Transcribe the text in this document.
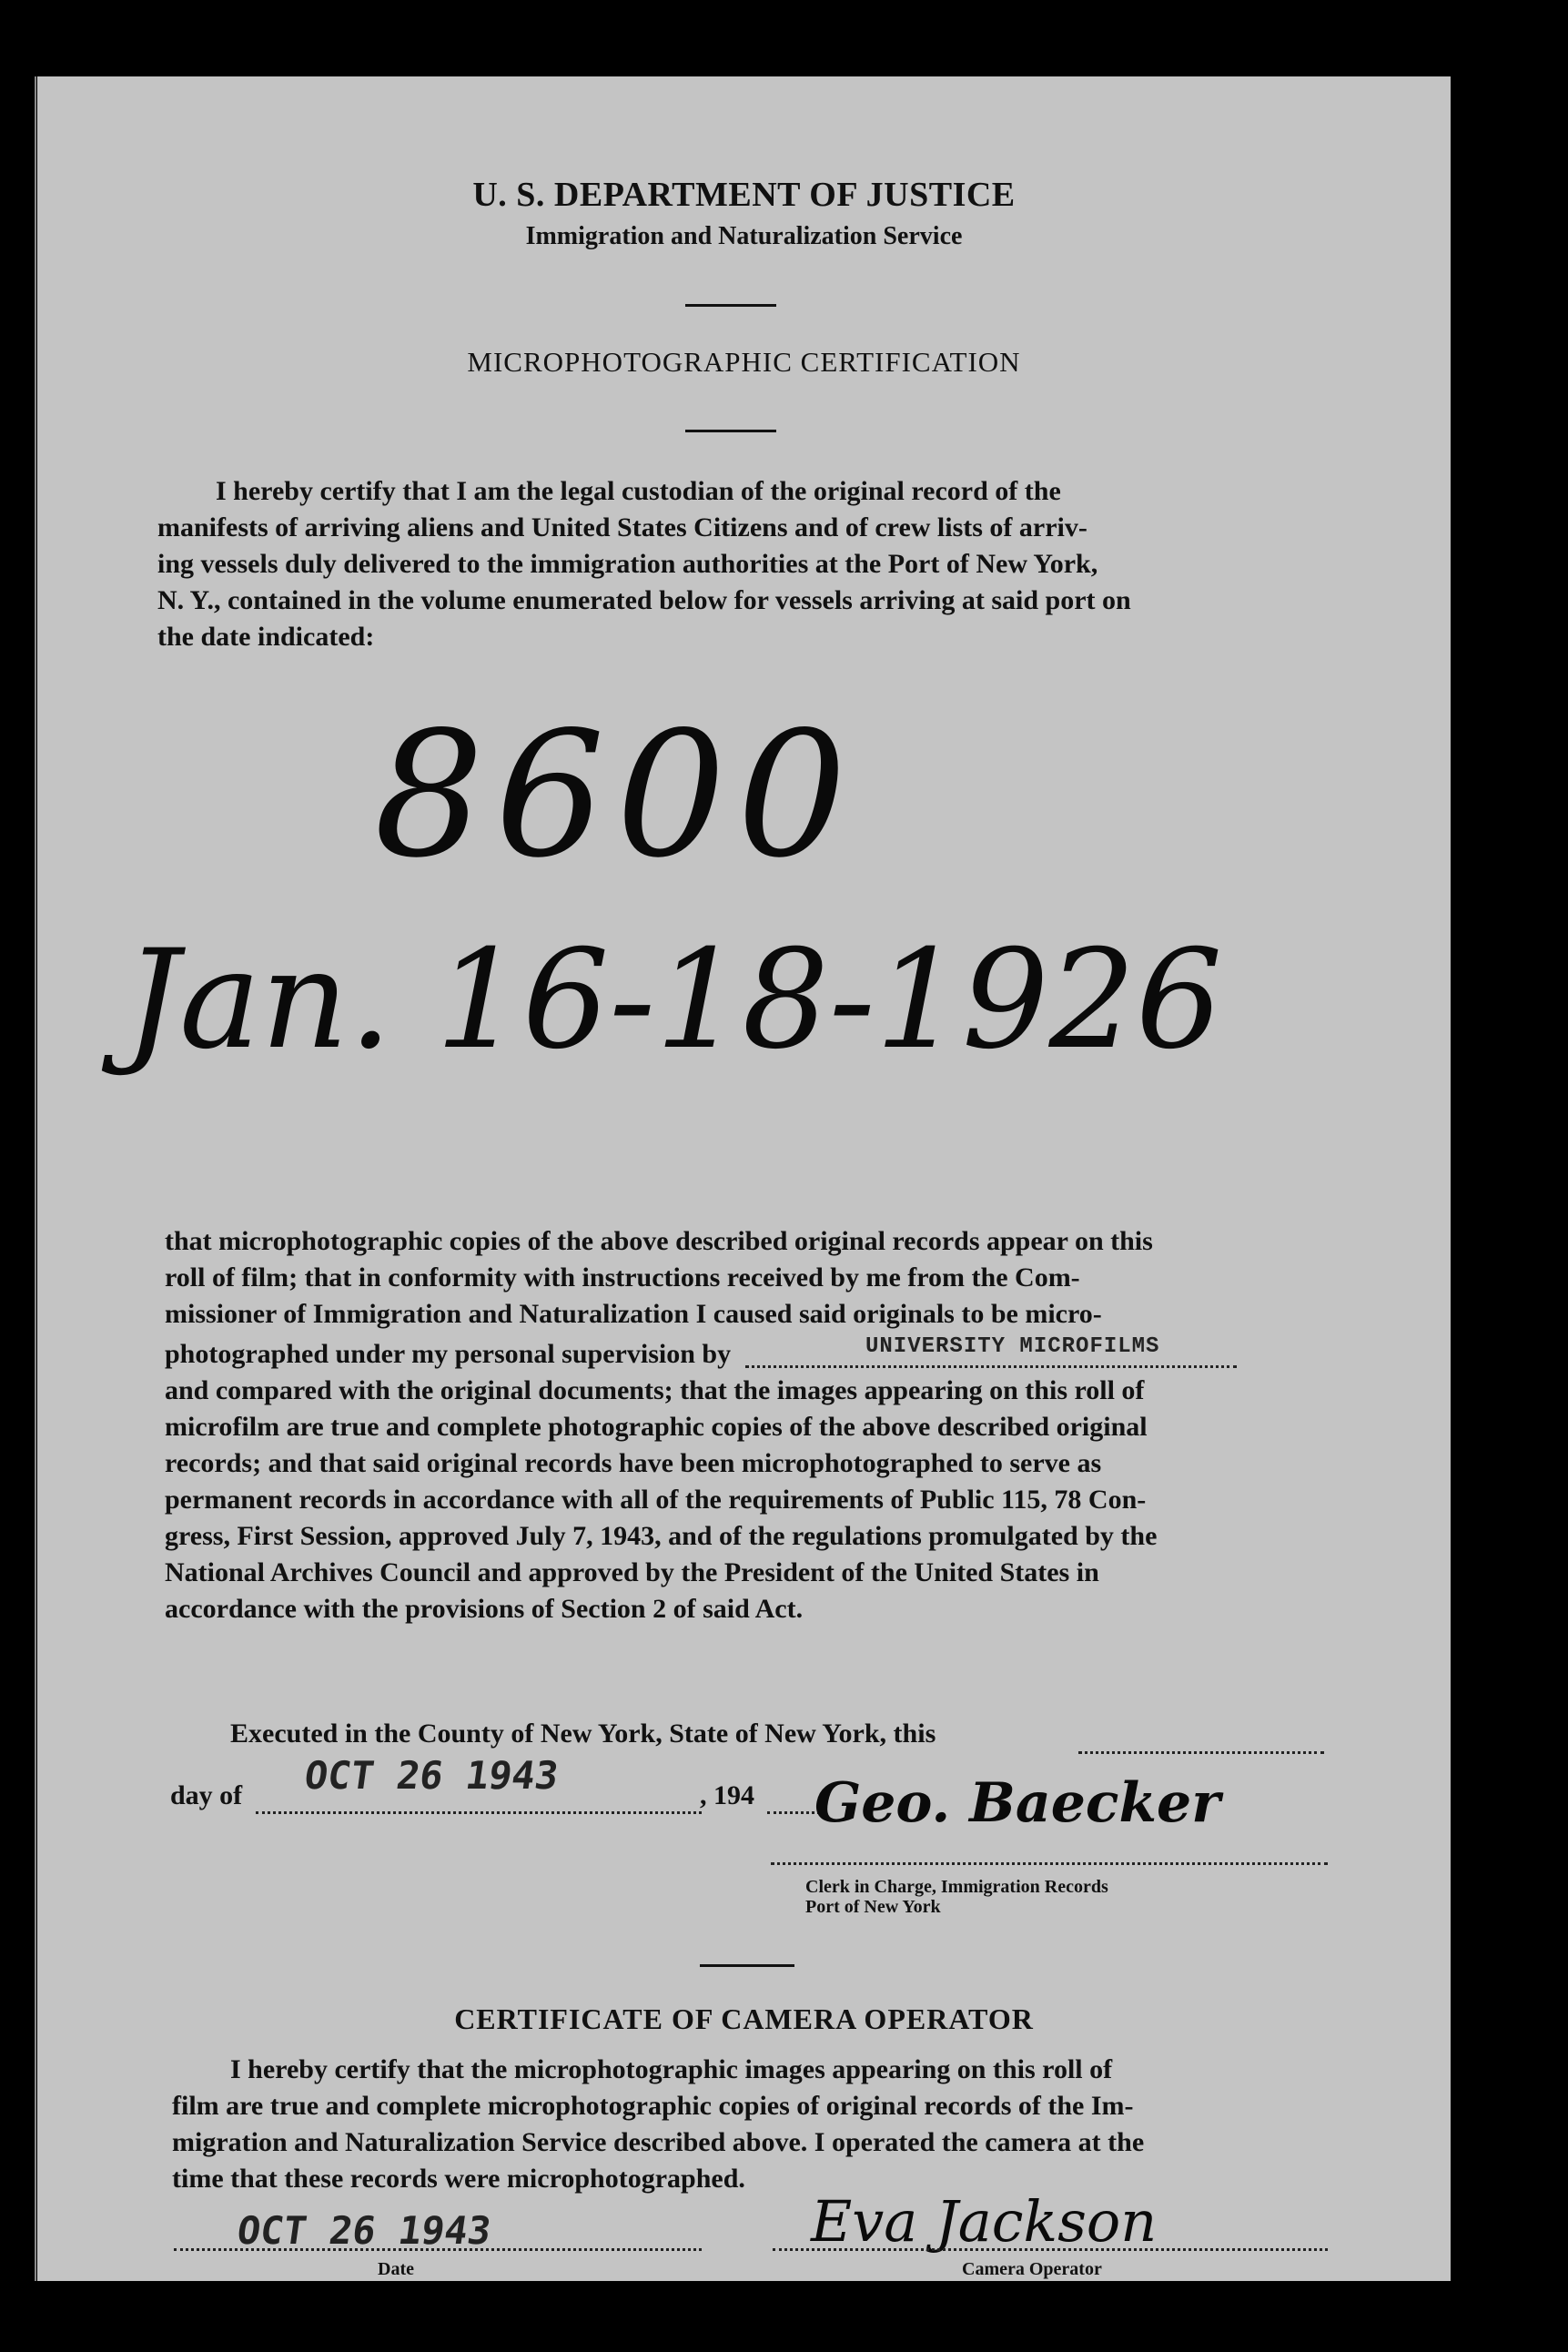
U. S. DEPARTMENT OF JUSTICE
Immigration and Naturalization Service
MICROPHOTOGRAPHIC CERTIFICATION
I hereby certify that I am the legal custodian of the original record of the
manifests of arriving aliens and United States Citizens and of crew lists of arriv-
ing vessels duly delivered to the immigration authorities at the Port of New York,
N. Y., contained in the volume enumerated below for vessels arriving at said port on
the date indicated:
8600
Jan. 16-18-1926
that microphotographic copies of the above described original records appear on this
roll of film; that in conformity with instructions received by me from the Com-
missioner of Immigration and Naturalization I caused said originals to be micro-
photographed under my personal supervision by	UNIVERSITY MICROFILMS
and compared with the original documents; that the images appearing on this roll of
microfilm are true and complete photographic copies of the above described original
records; and that said original records have been microphotographed to serve as
permanent records in accordance with all of the requirements of Public 115, 78 Con-
gress, First Session, approved July 7, 1943, and of the regulations promulgated by the
National Archives Council and approved by the President of the United States in
accordance with the provisions of Section 2 of said Act.
Executed in the County of New York, State of New York, this
day of OCT 26 1943	, 194 Geo. Baecker
Clerk in Charge, Immigration Records
Port of New York
CERTIFICATE OF CAMERA OPERATOR
I hereby certify that the microphotographic images appearing on this roll of
film are true and complete microphotographic copies of original records of the Im-
migration and Naturalization Service described above. I operated the camera at the
time that these records were microphotographed.
OCT 26 1943
Date
Eva Jackson
Camera Operator
